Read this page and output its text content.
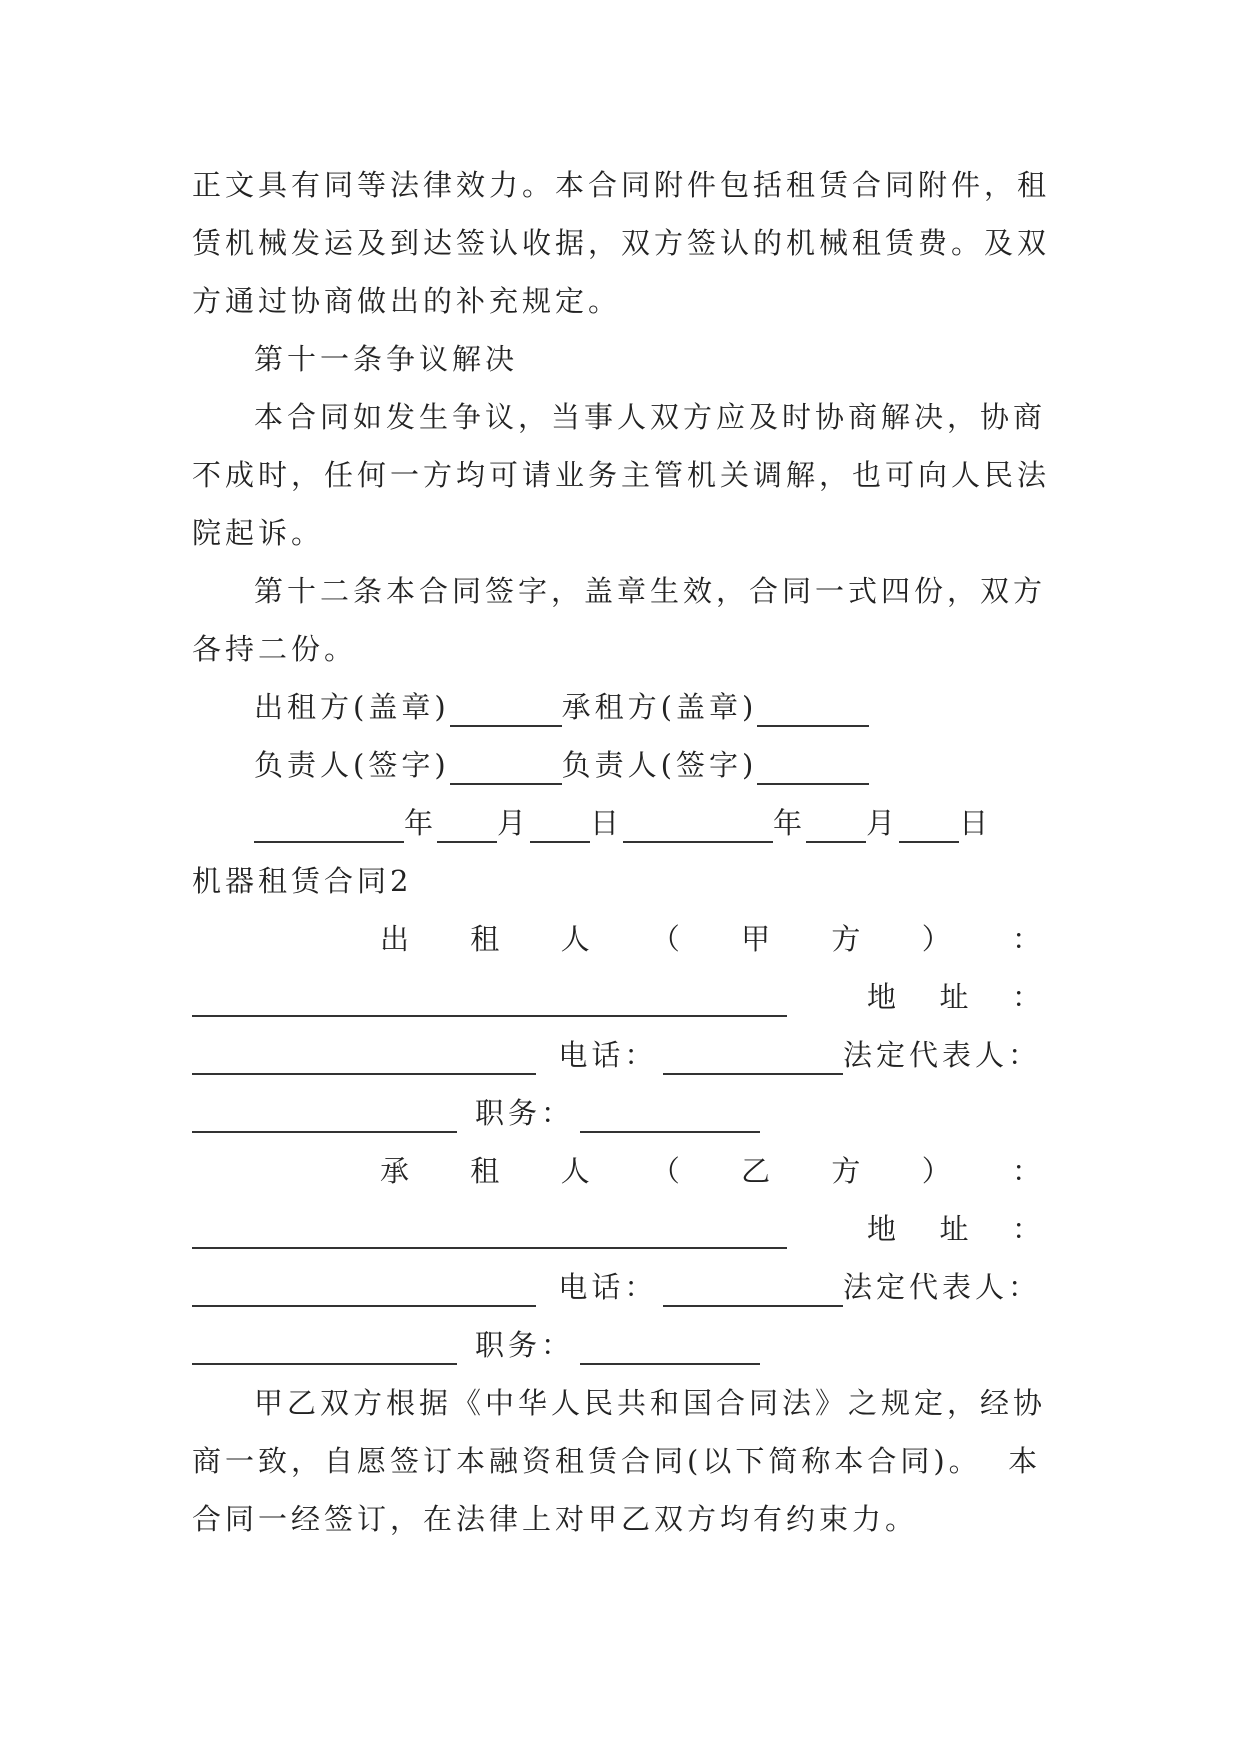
正文具有同等法律效力。本合同附件包括租赁合同附件，租
赁机械发运及到达签认收据，双方签认的机械租赁费。及双
方通过协商做出的补充规定。
第十一条争议解决
本合同如发生争议，当事人双方应及时协商解决，协商
不成时，任何一方均可请业务主管机关调解，也可向人民法
院起诉。
第十二条本合同签字，盖章生效，合同一式四份，双方
各持二份。
出租方(盖章)	承租方(盖章)
负责人(签字)	负责人(签字)
年 月 日	年 月 日
机器租赁合同2
出 租 人 （ 甲 方 ） ：
地 址 ：
电话：	法定代表人：
职务：
承 租 人 （ 乙 方 ） ：
地 址 ：
电话：	法定代表人：
职务：
甲乙双方根据《中华人民共和国合同法》之规定，经协
商一致，自愿签订本融资租赁合同(以下简称本合同)。  本
合同一经签订，在法律上对甲乙双方均有约束力。
